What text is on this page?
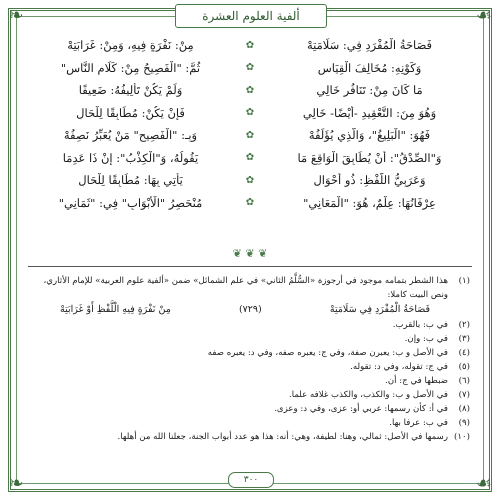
❧	☙
❧	☙
ألفية العلوم العشرة
فَصَاحَةُ الْمُفْرَدِ فِي: سَلَامَتِهْ
✿
مِنْ: نَفْرَةٍ فِيهِ، وَمِنْ: غَرَابَتِهْ
وَكَوْنِهِ: مُخَالِفَ الْقِيَاسِ
✿
ثُمَّ: "الْفَصِيحُ مِنْ: كَلَامِ النَّاسِ"
مَا كَانَ مِنْ: تَنَافُرٍ خَالِي
✿
وَلَمْ يَكُنْ تَأْلِيفُهُ: ضَعِيفًا
وَهُوَ مِنَ: التَّعْقِيدِ -أَيْضًا- خَالِي
✿
فَإِنْ يَكُنْ: مُطَابِقًا لِلْحَالِ
فَهُوَ: "الْبَلِيغُ"، وَالَّذِي يُؤَلِّفُهْ
✿
وَبِـ: "الْفَصِيحِ" مَنْ يُعَبِّرُ نَصِفُهْ
وَ"الصِّدْقُ": أَنْ يُطَابِقَ الْوَاقِعَ مَا
✿
يَقُولُهُ، وَ"الْكِذْبُ": إِنْ ذَا عَدِمَا
وَعَرَبِيُّ اللَّفْظِ: ذُو أَحْوَالِ
✿
يَأْتِي بِهَا: مُطَابِقًا لِلْحَالِ
عِرْفَانُهَا: عِلْمٌ، هُوَ: "الْمَعَانِي"
✿
مُنْحَصِرُ "الْأَبْوَابِ" فِي: "ثَمَانِي"
❦ ❦ ❦
(١)
هذا الشطر بتمامه موجود في أرجوزة «السُّلَّمُ الثاني» في علم الشمائل» ضمن «ألفية علوم العربية» للإمام الأثاري، ونص البيت كاملا:
فَصَاحَةُ الْمُفْرَدِ فِي سَلَامَتِهْ
(٧٢٩)
مِنْ نَفْرَةٍ فِيهِ الْلَّفْظِ أَوْ غَرَابَتِهْ
(٢)
في ب: بالقرب.
(٣)
في ب: وإن.
(٤)
في الأصل و ب: يعبرن صفة، وفي ج: يعبره صفه، وفي د: يعبره صفه
(٥)
في ج: تقوله، وفي د: تقوله.
(٦)
ضبطها في ج: أن.
(٧)
في الأصل و ب: والكذب، والكذب غلافه علما.
(٨)
في أ: كأن رسمها: عربي أو: عزى، وفي د: وعزى.
(٩)
في ب: عرفا بها.
(١٠)
رسمها في الأصل: ثمالي، وهنا: لطيفة، وهي: أنه: هذا هو عدد أبواب الجنة، جعلنا الله من أهلها.
٣٠٠
